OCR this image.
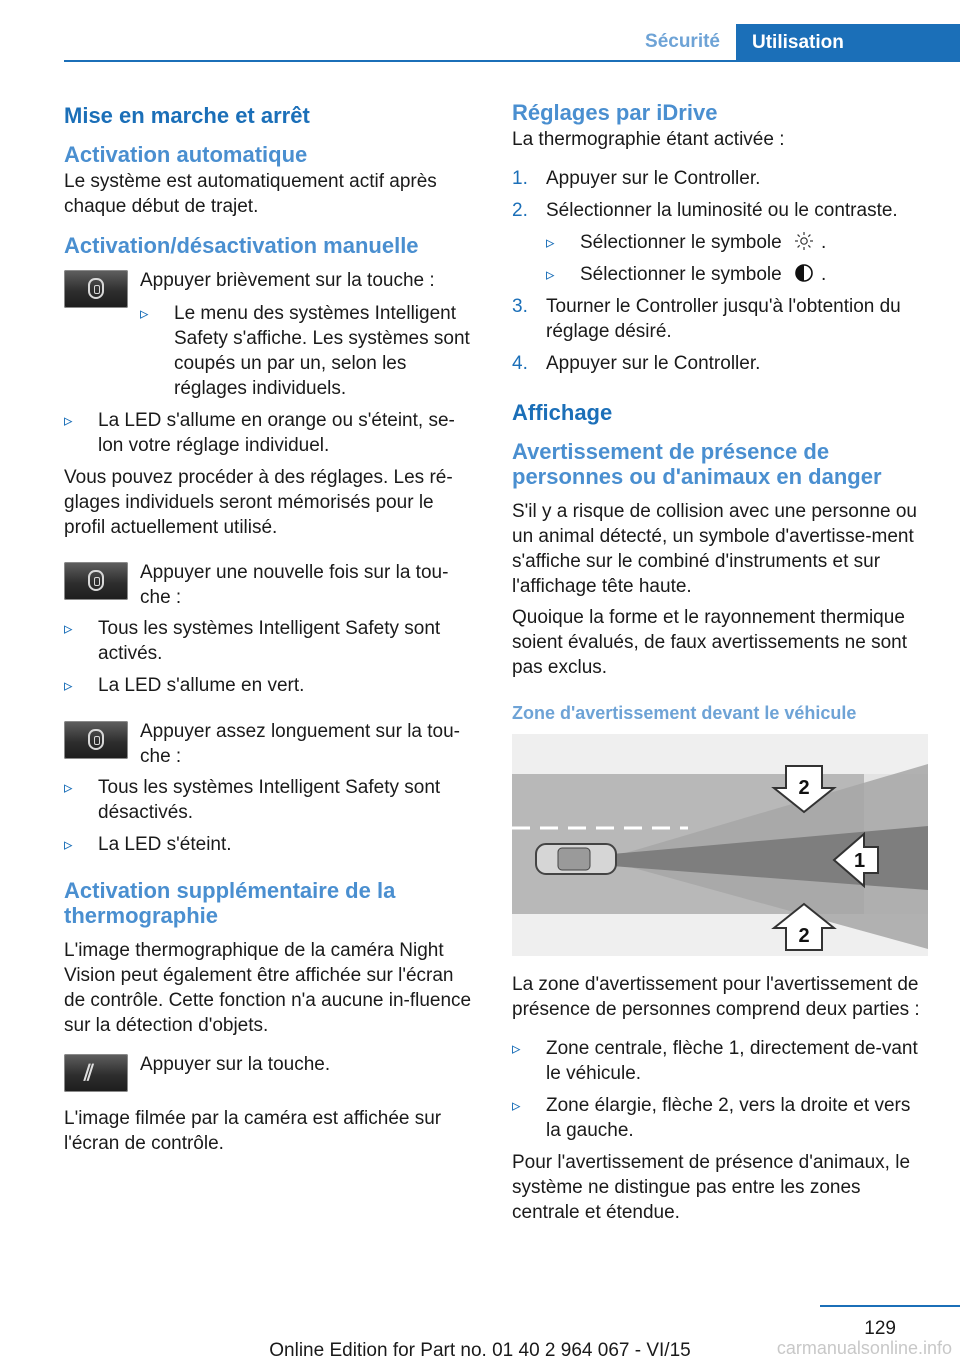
Sécurité	Utilisation
Mise en marche et arrêt
Activation automatique

Le système est automatiquement actif après chaque début de trajet.

Activation/désactivation manuelle
Appuyer brièvement sur la touche :
▹ Le menu des systèmes Intelligent Safety s'affiche. Les systèmes sont coupés un par un, selon les réglages individuels.
▹ La LED s'allume en orange ou s'éteint, se-lon votre réglage individuel.

Vous pouvez procéder à des réglages. Les ré-glages individuels seront mémorisés pour le profil actuellement utilisé.

Appuyer une nouvelle fois sur la tou-che :
▹ Tous les systèmes Intelligent Safety sont activés.
▹ La LED s'allume en vert.
Appuyer assez longuement sur la tou-che :
▹ Tous les systèmes Intelligent Safety sont désactivés.
▹ La LED s'éteint.
Activation supplémentaire de la thermographie

L'image thermographique de la caméra Night Vision peut également être affichée sur l'écran de contrôle. Cette fonction n'a aucune in-fluence sur la détection d'objets.

⫽ Appuyer sur la touche.

L'image filmée par la caméra est affichée sur l'écran de contrôle.

Réglages par iDrive

La thermographie étant activée :

1. Appuyer sur le Controller.
2. Sélectionner la luminosité ou le contraste.
▹ Sélectionner le symbole .
▹ Sélectionner le symbole .
3. Tourner le Controller jusqu'à l'obtention du réglage désiré.
4. Appuyer sur le Controller.
Affichage
Avertissement de présence de personnes ou d'animaux en danger

S'il y a risque de collision avec une personne ou un animal détecté, un symbole d'avertisse-ment s'affiche sur le combiné d'instruments et sur l'affichage tête haute.

Quoique la forme et le rayonnement thermique soient évalués, de faux avertissements ne sont pas exclus.

Zone d'avertissement devant le véhicule
1
2
2

La zone d'avertissement pour l'avertissement de présence de personnes comprend deux parties :

▹ Zone centrale, flèche 1, directement de-vant le véhicule.
▹ Zone élargie, flèche 2, vers la droite et vers la gauche.

Pour l'avertissement de présence d'animaux, le système ne distingue pas entre les zones centrale et étendue.

129
Online Edition for Part no. 01 40 2 964 067 - VI/15	carmanualsonline.info
